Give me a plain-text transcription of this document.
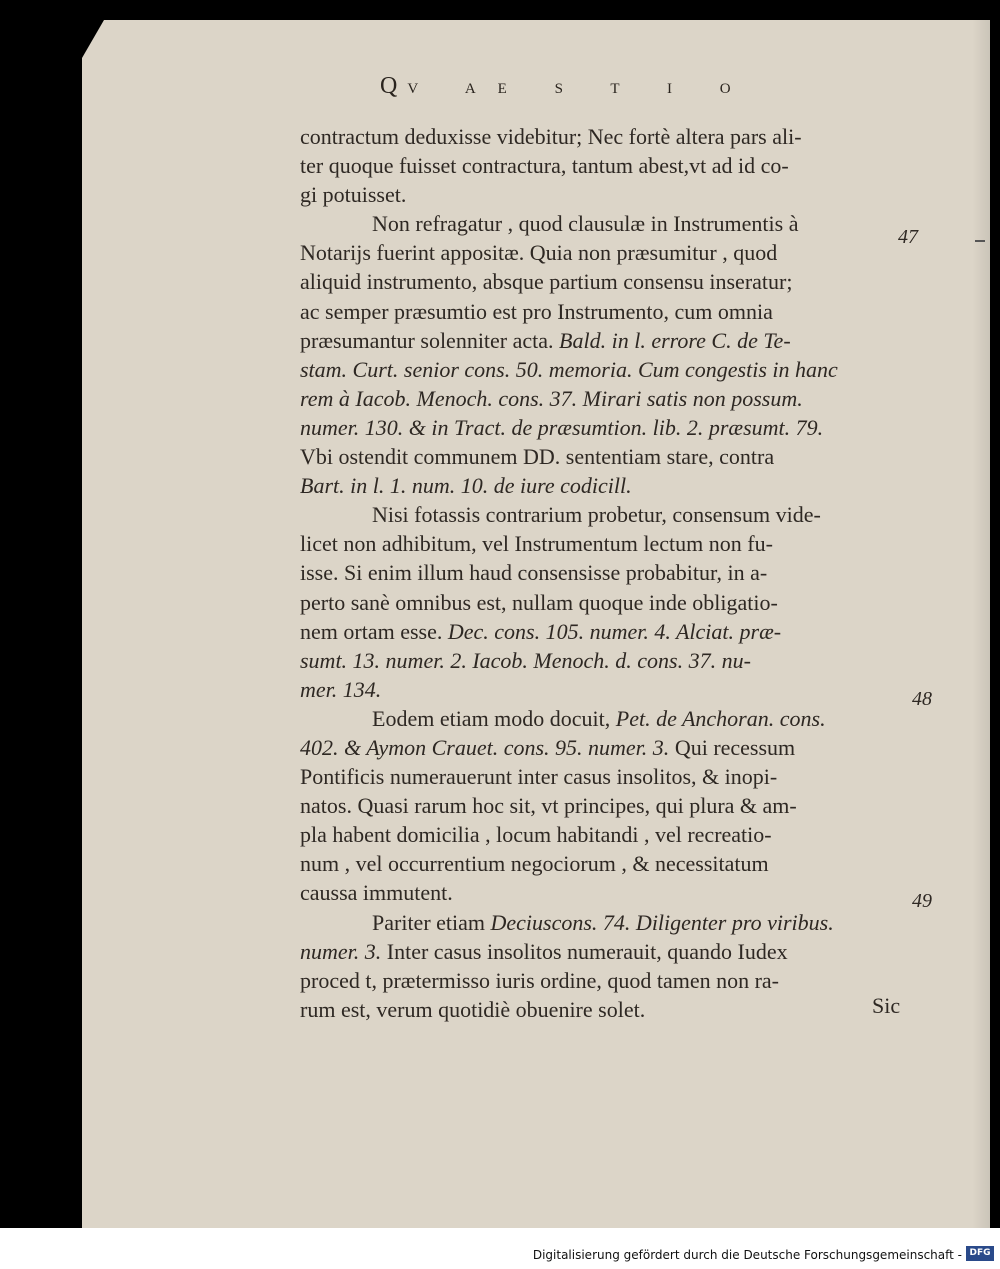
QV AE S T I O
contractum deduxisse videbitur; Nec fortè altera pars ali-
ter quoque fuisset contractura, tantum abest,vt ad id co-
gi potuisset.
Non refragatur , quod clausulæ in Instrumentis à
Notarijs fuerint appositæ. Quia non præsumitur , quod
aliquid instrumento, absque partium consensu inseratur;
ac semper præsumtio est pro Instrumento, cum omnia
præsumantur solenniter acta. Bald. in l. errore C. de Te-
stam. Curt. senior cons. 50. memoria. Cum congestis in hanc
rem à Iacob. Menoch. cons. 37. Mirari satis non possum.
numer. 130. & in Tract. de præsumtion. lib. 2. præsumt. 79.
Vbi ostendit communem DD. sententiam stare, contra
Bart. in l. 1. num. 10. de iure codicill.
Nisi fotassis contrarium probetur, consensum vide-
licet non adhibitum, vel Instrumentum lectum non fu-
isse. Si enim illum haud consensisse probabitur, in a-
perto sanè omnibus est, nullam quoque inde obligatio-
nem ortam esse. Dec. cons. 105. numer. 4. Alciat. præ-
sumt. 13. numer. 2. Iacob. Menoch. d. cons. 37. nu-
mer. 134.
Eodem etiam modo docuit, Pet. de Anchoran. cons.
402. & Aymon Crauet. cons. 95. numer. 3. Qui recessum
Pontificis numerauerunt inter casus insolitos, & inopi-
natos. Quasi rarum hoc sit, vt principes, qui plura & am-
pla habent domicilia , locum habitandi , vel recreatio-
num , vel occurrentium negociorum , & necessitatum
caussa immutent.
Pariter etiam Deciuscons. 74. Diligenter pro viribus.
numer. 3. Inter casus insolitos numerauit, quando Iudex
proced t, prætermisso iuris ordine, quod tamen non ra-
rum est, verum quotidiè obuenire solet.
47
48
49
Sic
Digitalisierung gefördert durch die Deutsche Forschungsgemeinschaft - DFG
